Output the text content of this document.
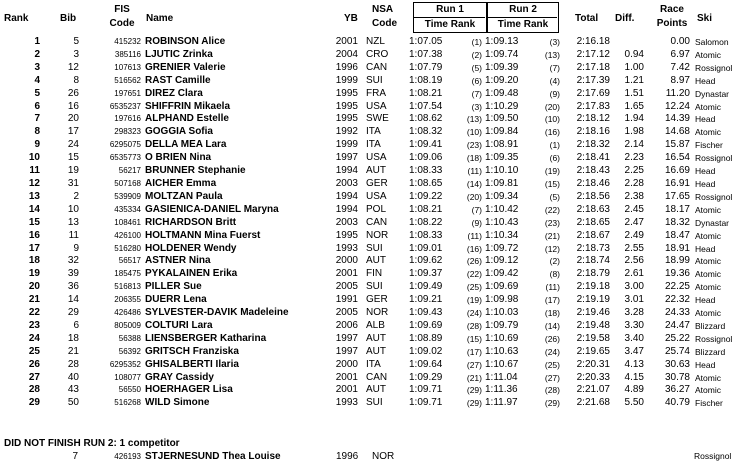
Rank	Bib
FIS
Code	Name	YB
NSA
Code
Run 1
Time Rank
Run 2
Time Rank
Total Diff.
Race
Points Ski
1	5	415232	ROBINSON Alice	2001	NZL	1:07.05	(1)	1:09.13	(3)	2:16.18		0.00	Salomon
2	3	385116	LJUTIC Zrinka	2004	CRO	1:07.38	(2)	1:09.74	(13)	2:17.12	0.94	6.97	Atomic
3	12	107613	GRENIER Valerie	1996	CAN	1:07.79	(5)	1:09.39	(7)	2:17.18	1.00	7.42	Rossignol
4	8	516562	RAST Camille	1999	SUI	1:08.19	(6)	1:09.20	(4)	2:17.39	1.21	8.97	Head
5	26	197651	DIREZ Clara	1995	FRA	1:08.21	(7)	1:09.48	(9)	2:17.69	1.51	11.20	Dynastar
6	16	6535237	SHIFFRIN Mikaela	1995	USA	1:07.54	(3)	1:10.29	(20)	2:17.83	1.65	12.24	Atomic
7	20	197616	ALPHAND Estelle	1995	SWE	1:08.62	(13)	1:09.50	(10)	2:18.12	1.94	14.39	Head
8	17	298323	GOGGIA Sofia	1992	ITA	1:08.32	(10)	1:09.84	(16)	2:18.16	1.98	14.68	Atomic
9	24	6295075	DELLA MEA Lara	1999	ITA	1:09.41	(23)	1:08.91	(1)	2:18.32	2.14	15.87	Fischer
10	15	6535773	O BRIEN Nina	1997	USA	1:09.06	(18)	1:09.35	(6)	2:18.41	2.23	16.54	Rossignol
11	19	56217	BRUNNER Stephanie	1994	AUT	1:08.33	(11)	1:10.10	(19)	2:18.43	2.25	16.69	Head
12	31	507168	AICHER Emma	2003	GER	1:08.65	(14)	1:09.81	(15)	2:18.46	2.28	16.91	Head
13	2	539909	MOLTZAN Paula	1994	USA	1:09.22	(20)	1:09.34	(5)	2:18.56	2.38	17.65	Rossignol
14	10	435334	GASIENICA-DANIEL Maryna	1994	POL	1:08.21	(7)	1:10.42	(22)	2:18.63	2.45	18.17	Atomic
15	13	108461	RICHARDSON Britt	2003	CAN	1:08.22	(9)	1:10.43	(23)	2:18.65	2.47	18.32	Dynastar
16	11	426100	HOLTMANN Mina Fuerst	1995	NOR	1:08.33	(11)	1:10.34	(21)	2:18.67	2.49	18.47	Atomic
17	9	516280	HOLDENER Wendy	1993	SUI	1:09.01	(16)	1:09.72	(12)	2:18.73	2.55	18.91	Head
18	32	56517	ASTNER Nina	2000	AUT	1:09.62	(26)	1:09.12	(2)	2:18.74	2.56	18.99	Atomic
19	39	185475	PYKALAINEN Erika	2001	FIN	1:09.37	(22)	1:09.42	(8)	2:18.79	2.61	19.36	Atomic
20	36	516813	PILLER Sue	2005	SUI	1:09.49	(25)	1:09.69	(11)	2:19.18	3.00	22.25	Atomic
21	14	206355	DUERR Lena	1991	GER	1:09.21	(19)	1:09.98	(17)	2:19.19	3.01	22.32	Head
22	29	426486	SYLVESTER-DAVIK Madeleine	2005	NOR	1:09.43	(24)	1:10.03	(18)	2:19.46	3.28	24.33	Atomic
23	6	805009	COLTURI Lara	2006	ALB	1:09.69	(28)	1:09.79	(14)	2:19.48	3.30	24.47	Blizzard
24	18	56388	LIENSBERGER Katharina	1997	AUT	1:08.89	(15)	1:10.69	(26)	2:19.58	3.40	25.22	Rossignol
25	21	56392	GRITSCH Franziska	1997	AUT	1:09.02	(17)	1:10.63	(24)	2:19.65	3.47	25.74	Blizzard
26	28	6295352	GHISALBERTI Ilaria	2000	ITA	1:09.64	(27)	1:10.67	(25)	2:20.31	4.13	30.63	Head
27	40	108077	GRAY Cassidy	2001	CAN	1:09.29	(21)	1:11.04	(27)	2:20.33	4.15	30.78	Atomic
28	43	56550	HOERHAGER Lisa	2001	AUT	1:09.71	(29)	1:11.36	(28)	2:21.07	4.89	36.27	Atomic
29	50	516268	WILD Simone	1993	SUI	1:09.71	(29)	1:11.97	(29)	2:21.68	5.50	40.79	Fischer
DID NOT FINISH RUN 2: 1 competitor
7	426193 STJERNESUND Thea Louise	1996 NOR	Rossignol
